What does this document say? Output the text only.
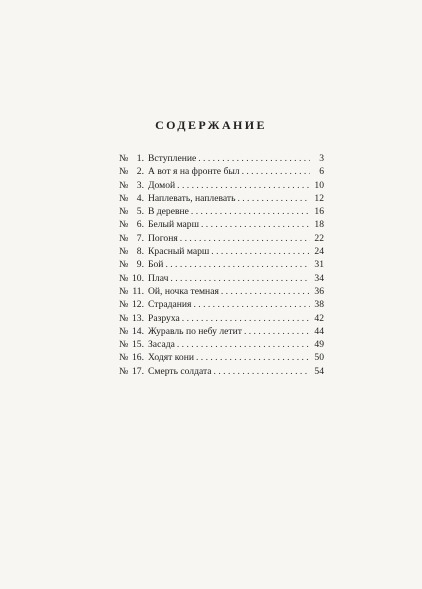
СОДЕРЖАНИЕ
№ 1. Вступление . . .	3
№ 2. А вот я на фронте был . . .	6
№ 3. Домой . . .	10
№ 4. Наплевать, наплевать . . .	12
№ 5. В деревне . . .	16
№ 6. Белый марш . . .	18
№ 7. Погоня . . .	22
№ 8. Красный марш . . .	24
№ 9. Бой . . .	31
№ 10. Плач . . .	34
№ 11. Ой, ночка темная . . .	36
№ 12. Страдания . . .	38
№ 13. Разруха . . .	42
№ 14. Журавль по небу летит . . .	44
№ 15. Засада . . .	49
№ 16. Ходят кони . . .	50
№ 17. Смерть солдата . . .	54
